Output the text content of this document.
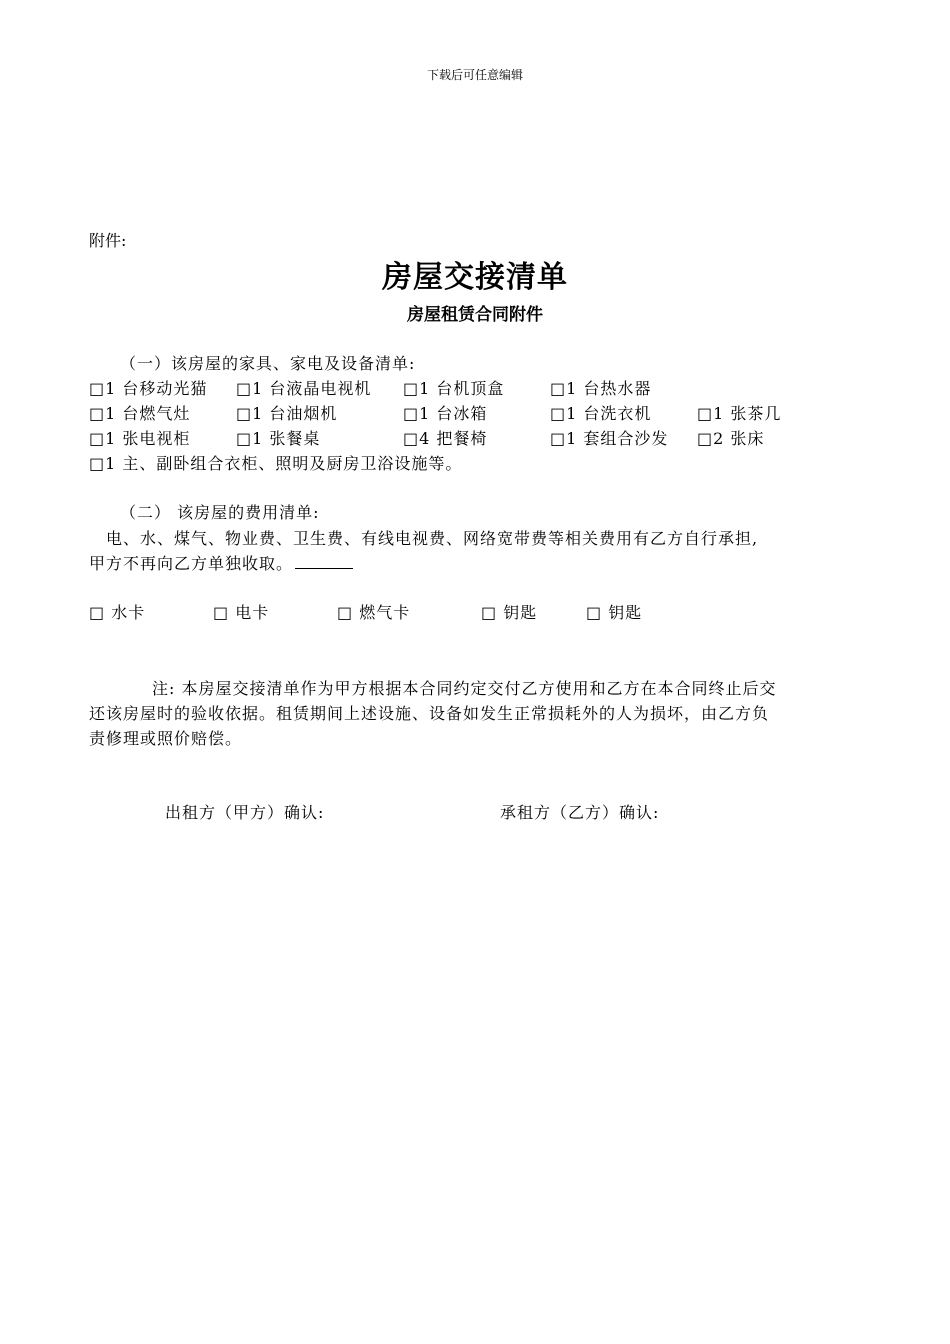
下载后可任意编辑
附件:
房屋交接清单
房屋租赁合同附件
（一）该房屋的家具、家电及设备清单:
□1 台移动光猫 □1 台液晶电视机 □1 台机顶盒	□1 台热水器
□1 台燃气灶	□1 台油烟机	□1 台冰箱	□1 台洗衣机	□1 张茶几
□1 张电视柜	□1 张餐桌	□4 把餐椅	□1 套组合沙发 □2 张床
□1 主、副卧组合衣柜、照明及厨房卫浴设施等。
（二） 该房屋的费用清单:
电、水、煤气、物业费、卫生费、有线电视费、网络宽带费等相关费用有乙方自行承担,
甲方不再向乙方单独收取。
□ 水卡	□ 电卡	□ 燃气卡	□ 钥匙	□ 钥匙
注: 本房屋交接清单作为甲方根据本合同约定交付乙方使用和乙方在本合同终止后交
还该房屋时的验收依据。租赁期间上述设施、设备如发生正常损耗外的人为损坏，由乙方负
责修理或照价赔偿。
出租方（甲方）确认:	承租方（乙方）确认:
